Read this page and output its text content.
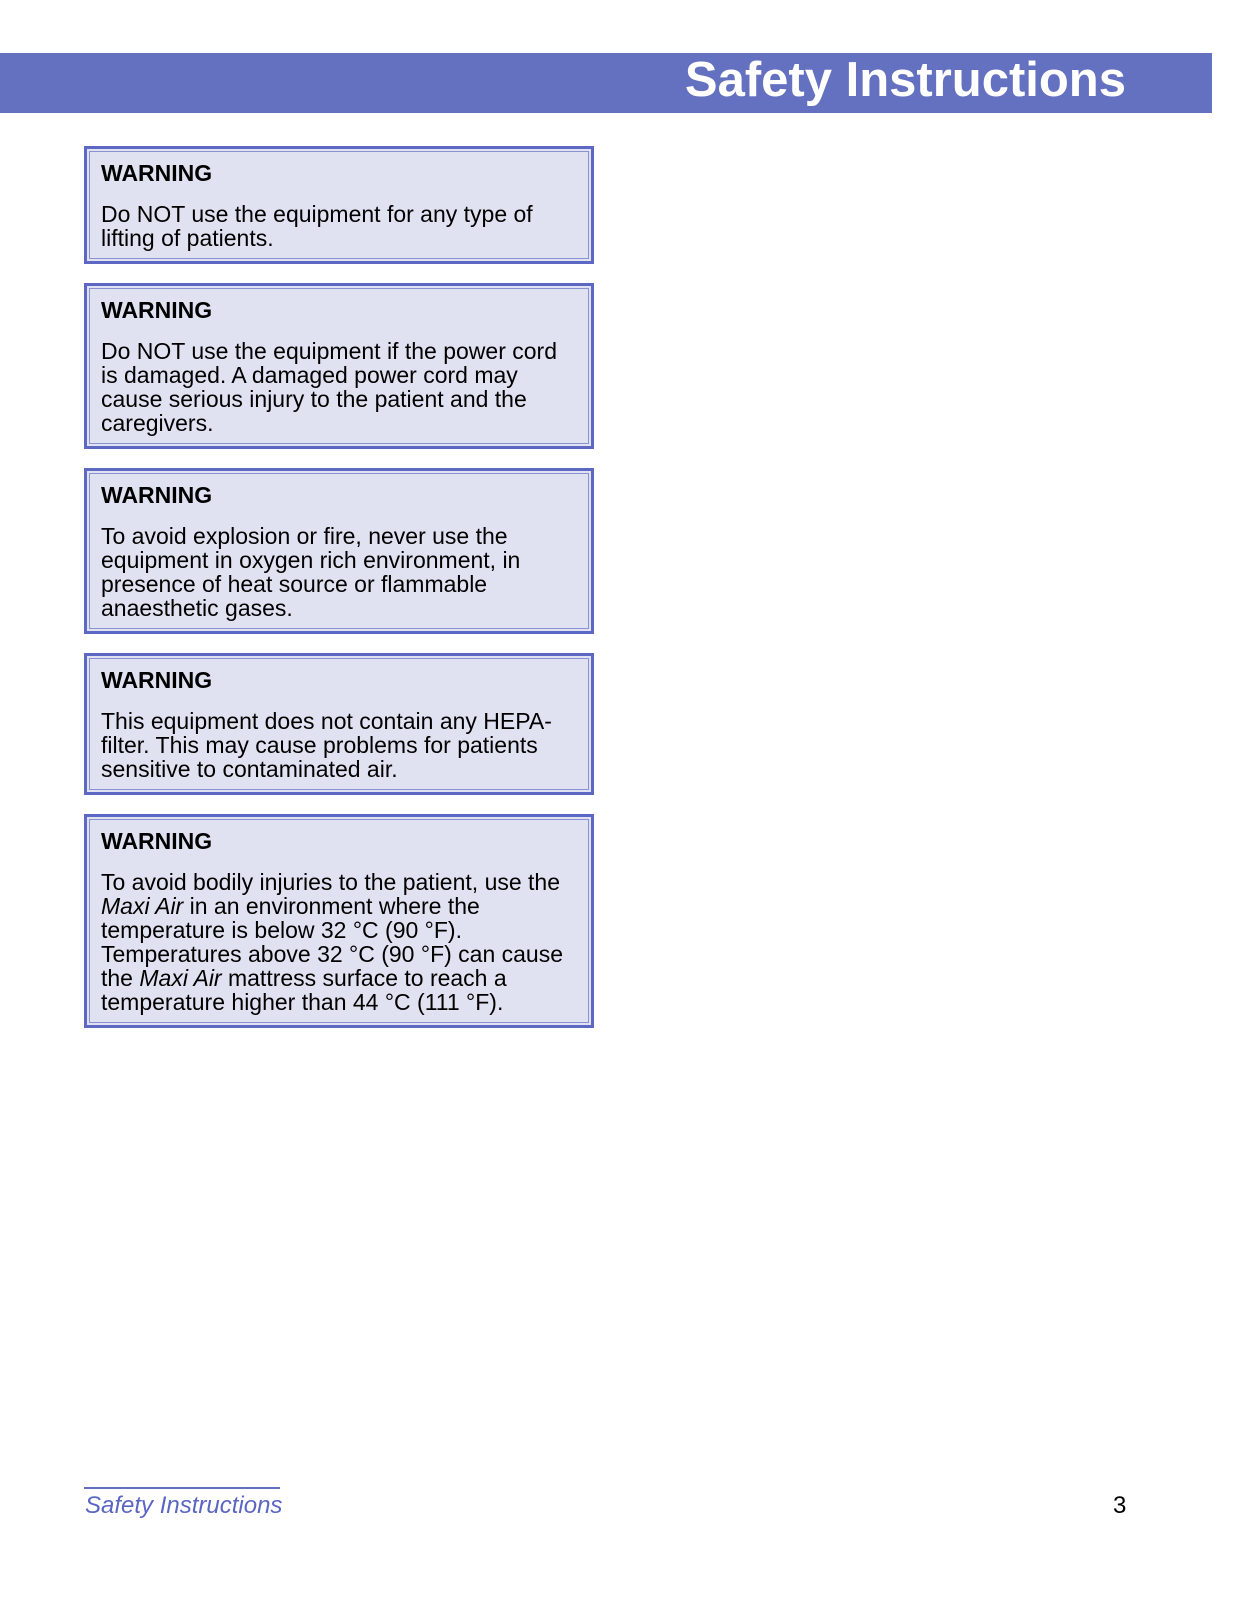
Safety Instructions

WARNING

Do NOT use the equipment for any type of
lifting of patients.

WARNING

Do NOT use the equipment if the power cord
is damaged. A damaged power cord may
cause serious injury to the patient and the
caregivers.

WARNING

To avoid explosion or fire, never use the
equipment in oxygen rich environment, in
presence of heat source or flammable
anaesthetic gases.

WARNING

This equipment does not contain any HEPA-
filter. This may cause problems for patients
sensitive to contaminated air.

WARNING

To avoid bodily injuries to the patient, use the
Maxi Air in an environment where the
temperature is below 32 °C (90 °F).
Temperatures above 32 °C (90 °F) can cause
the Maxi Air mattress surface to reach a
temperature higher than 44 °C (111 °F).

Safety Instructions	3
